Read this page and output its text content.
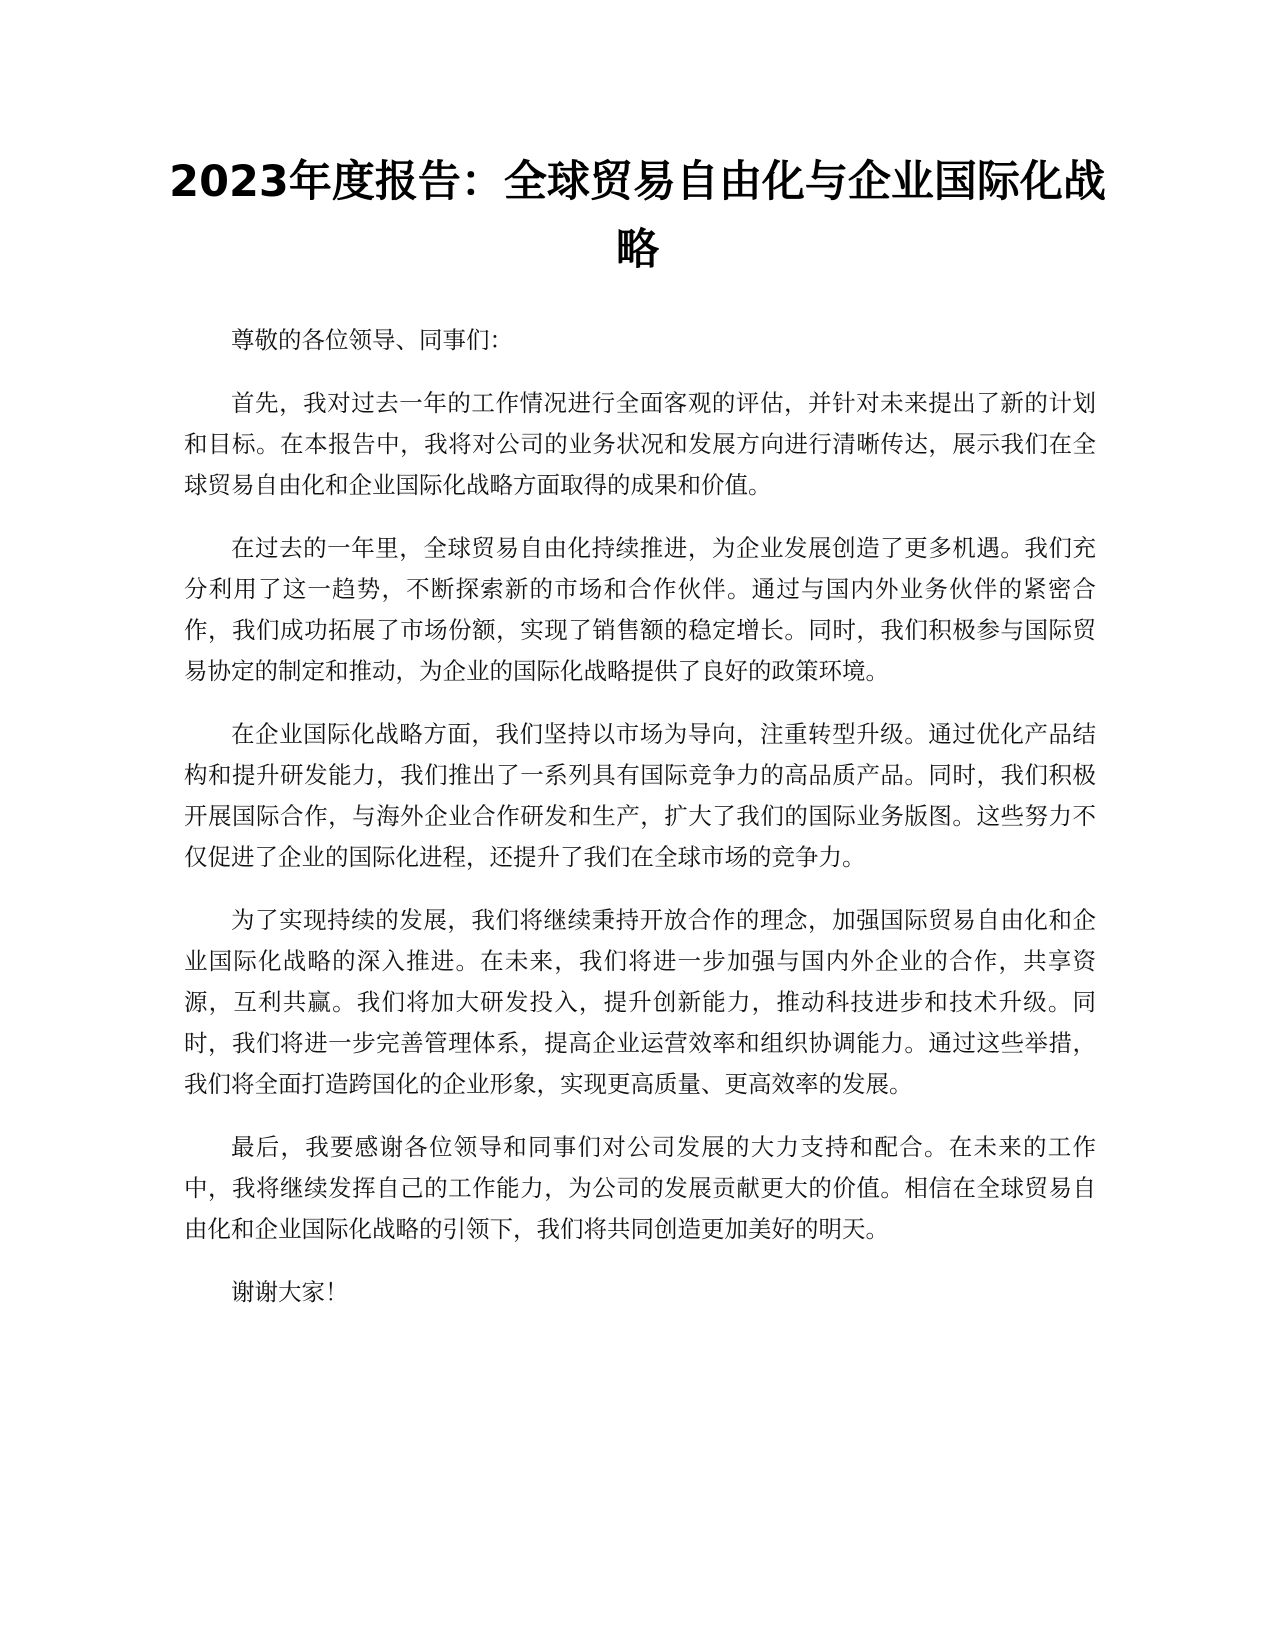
2023年度报告：全球贸易自由化与企业国际化战略

尊敬的各位领导、同事们：

首先，我对过去一年的工作情况进行全面客观的评估，并针对未来提出了新的计划和目标。在本报告中，我将对公司的业务状况和发展方向进行清晰传达，展示我们在全球贸易自由化和企业国际化战略方面取得的成果和价值。

在过去的一年里，全球贸易自由化持续推进，为企业发展创造了更多机遇。我们充分利用了这一趋势，不断探索新的市场和合作伙伴。通过与国内外业务伙伴的紧密合作，我们成功拓展了市场份额，实现了销售额的稳定增长。同时，我们积极参与国际贸易协定的制定和推动，为企业的国际化战略提供了良好的政策环境。

在企业国际化战略方面，我们坚持以市场为导向，注重转型升级。通过优化产品结构和提升研发能力，我们推出了一系列具有国际竞争力的高品质产品。同时，我们积极开展国际合作，与海外企业合作研发和生产，扩大了我们的国际业务版图。这些努力不仅促进了企业的国际化进程，还提升了我们在全球市场的竞争力。

为了实现持续的发展，我们将继续秉持开放合作的理念，加强国际贸易自由化和企业国际化战略的深入推进。在未来，我们将进一步加强与国内外企业的合作，共享资源，互利共赢。我们将加大研发投入，提升创新能力，推动科技进步和技术升级。同时，我们将进一步完善管理体系，提高企业运营效率和组织协调能力。通过这些举措，我们将全面打造跨国化的企业形象，实现更高质量、更高效率的发展。

最后，我要感谢各位领导和同事们对公司发展的大力支持和配合。在未来的工作中，我将继续发挥自己的工作能力，为公司的发展贡献更大的价值。相信在全球贸易自由化和企业国际化战略的引领下，我们将共同创造更加美好的明天。

谢谢大家！
